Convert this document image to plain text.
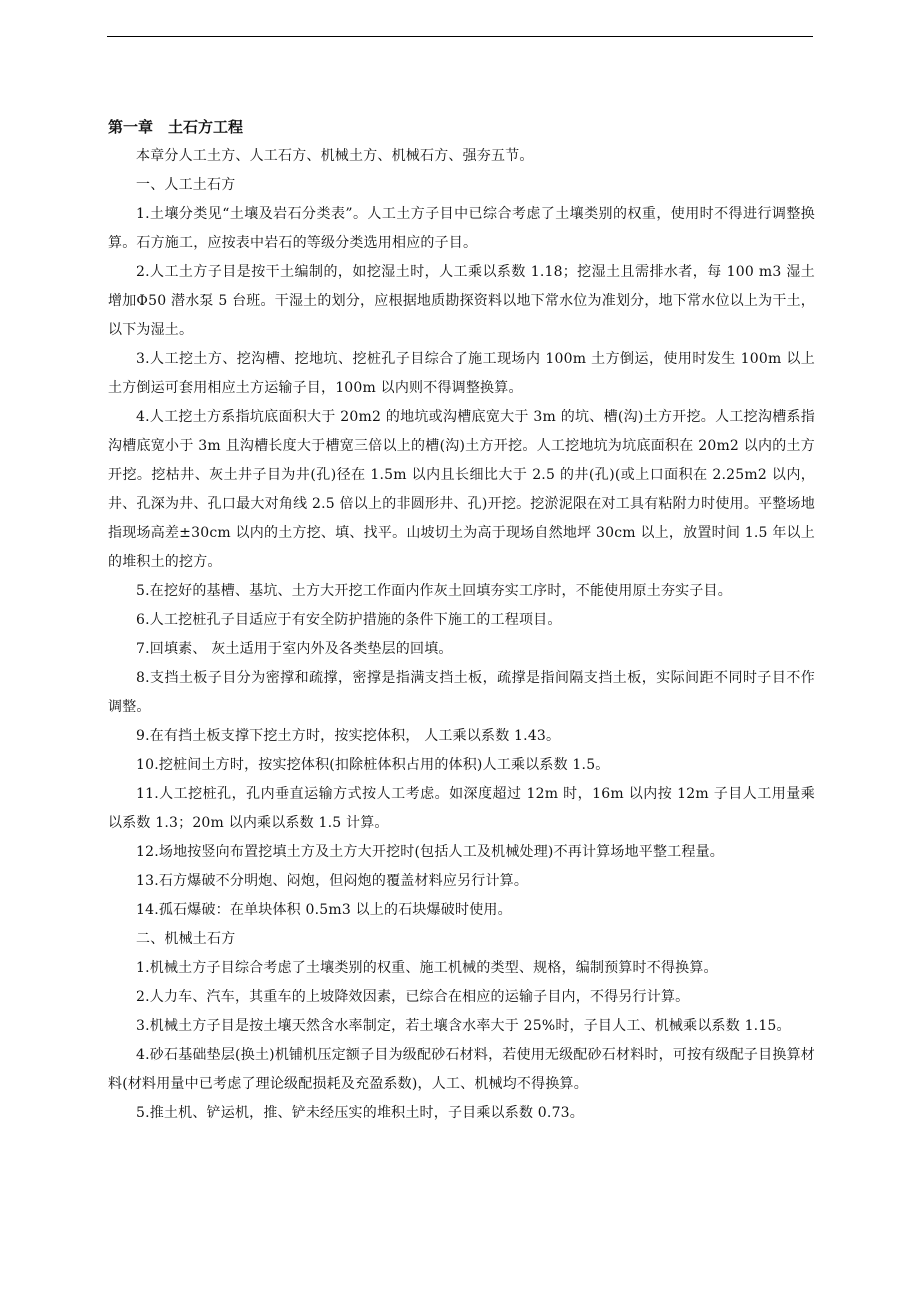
第一章　土石方工程

本章分人工土方、人工石方、机械土方、机械石方、强夯五节。

一、人工土石方

1.土壤分类见“土壤及岩石分类表”。人工土方子目中已综合考虑了土壤类别的权重，使用时不得进行调整换算。石方施工，应按表中岩石的等级分类选用相应的子目。

2.人工土方子目是按干土编制的，如挖湿土时，人工乘以系数 1.18；挖湿土且需排水者，每 100 m3 湿土增加Φ50 潜水泵 5 台班。干湿土的划分，应根据地质勘探资料以地下常水位为准划分，地下常水位以上为干土，以下为湿土。

3.人工挖土方、挖沟槽、挖地坑、挖桩孔子目综合了施工现场内 100m 土方倒运，使用时发生 100m 以上土方倒运可套用相应土方运输子目，100m 以内则不得调整换算。

4.人工挖土方系指坑底面积大于 20m2 的地坑或沟槽底宽大于 3m 的坑、槽(沟)土方开挖。人工挖沟槽系指沟槽底宽小于 3m 且沟槽长度大于槽宽三倍以上的槽(沟)土方开挖。人工挖地坑为坑底面积在 20m2 以内的土方开挖。挖枯井、灰土井子目为井(孔)径在 1.5m 以内且长细比大于 2.5 的井(孔)(或上口面积在 2.25m2 以内，井、孔深为井、孔口最大对角线 2.5 倍以上的非圆形井、孔)开挖。挖淤泥限在对工具有粘附力时使用。平整场地指现场高差±30cm 以内的土方挖、填、找平。山坡切土为高于现场自然地坪 30cm 以上，放置时间 1.5 年以上的堆积土的挖方。

5.在挖好的基槽、基坑、土方大开挖工作面内作灰土回填夯实工序时，不能使用原土夯实子目。

6.人工挖桩孔子目适应于有安全防护措施的条件下施工的工程项目。

7.回填素、 灰土适用于室内外及各类垫层的回填。

8.支挡土板子目分为密撑和疏撑，密撑是指满支挡土板，疏撑是指间隔支挡土板，实际间距不同时子目不作调整。

9.在有挡土板支撑下挖土方时，按实挖体积， 人工乘以系数 1.43。

10.挖桩间土方时，按实挖体积(扣除桩体积占用的体积)人工乘以系数 1.5。

11.人工挖桩孔，孔内垂直运输方式按人工考虑。如深度超过 12m 时，16m 以内按 12m 子目人工用量乘以系数 1.3；20m 以内乘以系数 1.5 计算。

12.场地按竖向布置挖填土方及土方大开挖时(包括人工及机械处理)不再计算场地平整工程量。

13.石方爆破不分明炮、闷炮，但闷炮的覆盖材料应另行计算。

14.孤石爆破：在单块体积 0.5m3 以上的石块爆破时使用。

二、机械土石方

1.机械土方子目综合考虑了土壤类别的权重、施工机械的类型、规格，编制预算时不得换算。

2.人力车、汽车，其重车的上坡降效因素，已综合在相应的运输子目内，不得另行计算。

3.机械土方子目是按土壤天然含水率制定，若土壤含水率大于 25%时，子目人工、机械乘以系数 1.15。

4.砂石基础垫层(换土)机铺机压定额子目为级配砂石材料，若使用无级配砂石材料时，可按有级配子目换算材料(材料用量中已考虑了理论级配损耗及充盈系数)，人工、机械均不得换算。

5.推土机、铲运机，推、铲未经压实的堆积土时，子目乘以系数 0.73。
